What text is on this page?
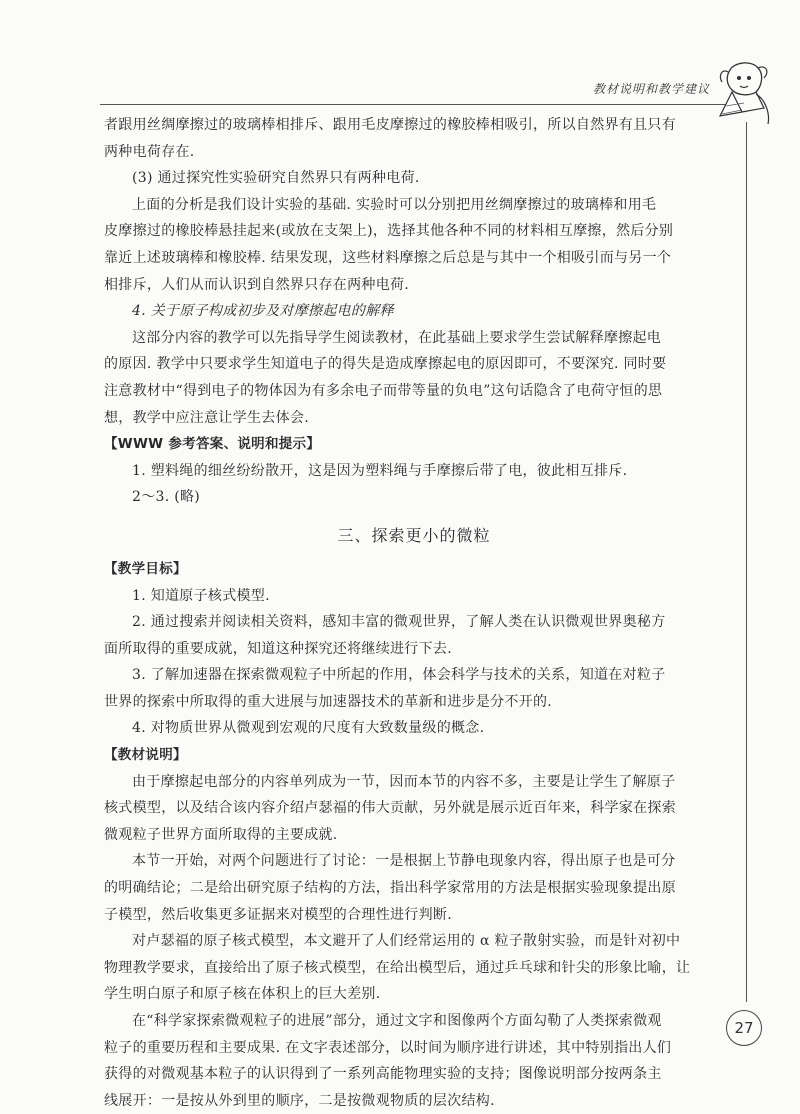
教材说明和教学建议

者跟用丝绸摩擦过的玻璃棒相排斥、跟用毛皮摩擦过的橡胶棒相吸引，所以自然界有且只有

两种电荷存在.

(3) 通过探究性实验研究自然界只有两种电荷.

上面的分析是我们设计实验的基础. 实验时可以分别把用丝绸摩擦过的玻璃棒和用毛

皮摩擦过的橡胶棒悬挂起来(或放在支架上)，选择其他各种不同的材料相互摩擦，然后分别

靠近上述玻璃棒和橡胶棒. 结果发现，这些材料摩擦之后总是与其中一个相吸引而与另一个

相排斥，人们从而认识到自然界只存在两种电荷.

4. 关于原子构成初步及对摩擦起电的解释

这部分内容的教学可以先指导学生阅读教材，在此基础上要求学生尝试解释摩擦起电

的原因. 教学中只要求学生知道电子的得失是造成摩擦起电的原因即可，不要深究. 同时要

注意教材中“得到电子的物体因为有多余电子而带等量的负电”这句话隐含了电荷守恒的思

想，教学中应注意让学生去体会.

【WWW 参考答案、说明和提示】

1. 塑料绳的细丝纷纷散开，这是因为塑料绳与手摩擦后带了电，彼此相互排斥.

2～3. (略)

三、探索更小的微粒

【教学目标】

1. 知道原子核式模型.

2. 通过搜索并阅读相关资料，感知丰富的微观世界，了解人类在认识微观世界奥秘方

面所取得的重要成就，知道这种探究还将继续进行下去.

3. 了解加速器在探索微观粒子中所起的作用，体会科学与技术的关系，知道在对粒子

世界的探索中所取得的重大进展与加速器技术的革新和进步是分不开的.

4. 对物质世界从微观到宏观的尺度有大致数量级的概念.

【教材说明】

由于摩擦起电部分的内容单列成为一节，因而本节的内容不多，主要是让学生了解原子

核式模型，以及结合该内容介绍卢瑟福的伟大贡献，另外就是展示近百年来，科学家在探索

微观粒子世界方面所取得的主要成就.

本节一开始，对两个问题进行了讨论：一是根据上节静电现象内容，得出原子也是可分

的明确结论；二是给出研究原子结构的方法，指出科学家常用的方法是根据实验现象提出原

子模型，然后收集更多证据来对模型的合理性进行判断.

对卢瑟福的原子核式模型，本文避开了人们经常运用的 α 粒子散射实验，而是针对初中

物理教学要求，直接给出了原子核式模型，在给出模型后，通过乒乓球和针尖的形象比喻，让

学生明白原子和原子核在体积上的巨大差别.

在“科学家探索微观粒子的进展”部分，通过文字和图像两个方面勾勒了人类探索微观

粒子的重要历程和主要成果. 在文字表述部分，以时间为顺序进行讲述，其中特别指出人们

获得的对微观基本粒子的认识得到了一系列高能物理实验的支持；图像说明部分按两条主

线展开：一是按从外到里的顺序，二是按微观物质的层次结构.

27
